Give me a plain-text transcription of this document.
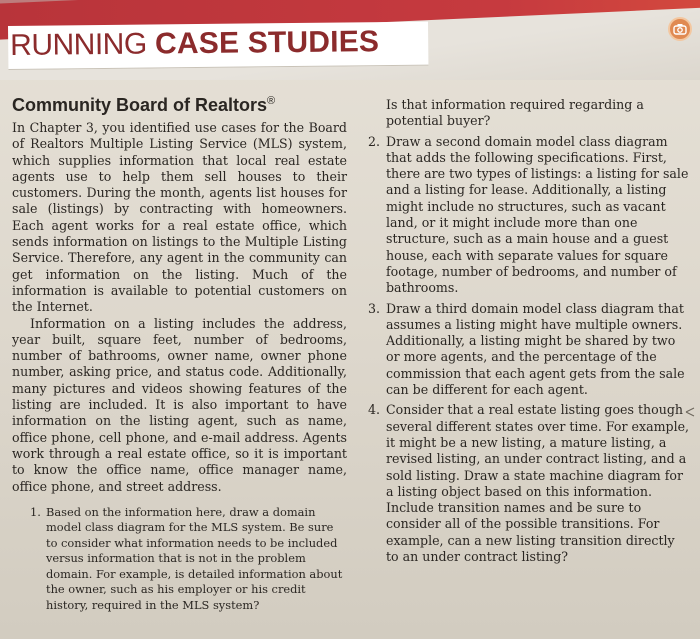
RUNNING CASE STUDIES
Community Board of Realtors®

In Chapter 3, you identified use cases for the Board of Realtors Multiple Listing Service (MLS) system, which supplies information that local real estate agents use to help them sell houses to their customers. During the month, agents list houses for sale (listings) by contracting with homeowners. Each agent works for a real estate office, which sends information on listings to the Multiple Listing Service. Therefore, any agent in the community can get information on the listing. Much of the information is available to potential customers on the Internet.

Information on a listing includes the address, year built, square feet, number of bedrooms, number of bathrooms, owner name, owner phone number, asking price, and status code. Additionally, many pictures and videos showing features of the listing are included. It is also important to have information on the listing agent, such as name, office phone, cell phone, and e-mail address. Agents work through a real estate office, so it is important to know the office name, office manager name, office phone, and street address.

1. Based on the information here, draw a domain model class diagram for the MLS system. Be sure to consider what information needs to be included versus information that is not in the problem domain. For example, is detailed information about the owner, such as his employer or his credit history, required in the MLS system?

Is that information required regarding a potential buyer?

2. Draw a second domain model class diagram that adds the following specifications. First, there are two types of listings: a listing for sale and a listing for lease. Additionally, a listing might include no structures, such as vacant land, or it might include more than one structure, such as a main house and a guest house, each with separate values for square footage, number of bedrooms, and number of bathrooms.
3. Draw a third domain model class diagram that assumes a listing might have multiple owners. Additionally, a listing might be shared by two or more agents, and the percentage of the commission that each agent gets from the sale can be different for each agent.
4. Consider that a real estate listing goes though several different states over time. For example, it might be a new listing, a mature listing, a revised listing, an under contract listing, and a sold listing. Draw a state machine diagram for a listing object based on this information. Include transition names and be sure to consider all of the possible transitions. For example, can a new listing transition directly to an under contract listing?
